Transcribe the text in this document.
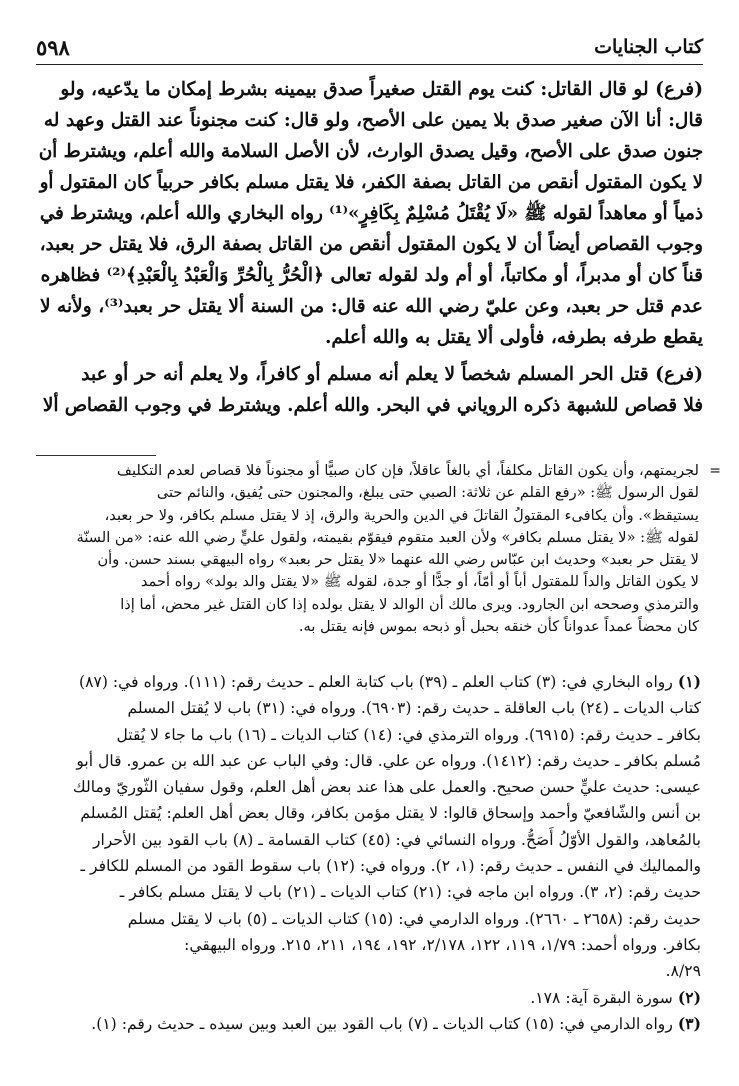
٥٩٨	كتاب الجنايات

(فرع) لو قال القاتل: كنت يوم القتل صغيراً صدق بيمينه بشرط إمكان ما يدّعيه، ولو
قال: أنا الآن صغير صدق بلا يمين على الأصح، ولو قال: كنت مجنوناً عند القتل وعهد له
جنون صدق على الأصح، وقيل يصدق الوارث، لأن الأصل السلامة والله أعلم، ويشترط أن
لا يكون المقتول أنقص من القاتل بصفة الكفر، فلا يقتل مسلم بكافر حربياً كان المقتول أو
ذمياً أو معاهداً لقوله ﷺ «لَا يُقْتَلُ مُسْلِمٌ بِكَافِرٍ»⁽¹⁾ رواه البخاري والله أعلم، ويشترط في
وجوب القصاص أيضاً أن لا يكون المقتول أنقص من القاتل بصفة الرق، فلا يقتل حر بعبد،
قناً كان أو مدبراً، أو مكاتباً، أو أم ولد لقوله تعالى ﴿الْحُرُّ بِالْحُرِّ وَالْعَبْدُ بِالْعَبْدِ﴾⁽²⁾ فظاهره
عدم قتل حر بعبد، وعن عليّ رضي الله عنه قال: من السنة ألا يقتل حر بعبد⁽³⁾، ولأنه لا
يقطع طرفه بطرفه، فأولى ألا يقتل به والله أعلم.

(فرع) قتل الحر المسلم شخصاً لا يعلم أنه مسلم أو كافراً، ولا يعلم أنه حر أو عبد
فلا قصاص للشبهة ذكره الروياني في البحر. والله أعلم. ويشترط في وجوب القصاص ألا

=
لجريمتهم، وأن يكون القاتل مكلفاً، أي بالغاً عاقلاً، فإن كان صبيًّا أو مجنوناً فلا قصاص لعدم التكليف
لقول الرسول ﷺ: «رفع القلم عن ثلاثة: الصبي حتى يبلغ، والمجنون حتى يُفيق، والنائم حتى
يستيقظ». وأن يكافىء المقتولُ القاتلَ في الدين والحرية والرق، إذ لا يقتل مسلم بكافر، ولا حر بعبد،
لقوله ﷺ: «لا يقتل مسلم بكافر» ولأن العبد متقوم فيقوّم بقيمته، ولقول عليٍّ رضي الله عنه: «من السنّة
لا يقتل حر بعبد» وحديث ابن عبّاس رضي الله عنهما «لا يقتل حر بعبد» رواه البيهقي بسند حسن. وأن
لا يكون القاتل والداً للمقتول أباً أو أمّاً، أو جدًّا أو جدة، لقوله ﷺ «لا يقتل والد بولد» رواه أحمد
والترمذي وصححه ابن الجارود. ويرى مالك أن الوالد لا يقتل بولده إذا كان القتل غير محض، أما إذا
كان محضاً عمداً عدواناً كأن خنقه بحبل أو ذبحه بموس فإنه يقتل به.
(١) رواه البخاري في: (٣) كتاب العلم ـ (٣٩) باب كتابة العلم ـ حديث رقم: (١١١). ورواه في: (٨٧)
كتاب الديات ـ (٢٤) باب العاقلة ـ حديث رقم: (٦٩٠٣). ورواه في: (٣١) باب لا يُقتل المسلم
بكافر ـ حديث رقم: (٦٩١٥). ورواه الترمذي في: (١٤) كتاب الديات ـ (١٦) باب ما جاء لا يُقتل
مُسلم بكافر ـ حديث رقم: (١٤١٢). ورواه عن علي. قال: وفي الباب عن عبد الله بن عمرو. قال أبو
عيسى: حديث عليٍّ حسن صحيح. والعمل على هذا عند بعض أهل العلم، وقول سفيان الثّوريّ ومالك
بن أنس والشّافعيّ وأحمد وإسحاق قالوا: لا يقتل مؤمن بكافر، وقال بعض أهل العلم: يُقتل المُسلم
بالمُعاهد، والقول الأوّلُ أَصَحُّ. ورواه النسائي في: (٤٥) كتاب القسامة ـ (٨) باب القود بين الأحرار
والمماليك في النفس ـ حديث رقم: (١، ٢). ورواه في: (١٢) باب سقوط القود من المسلم للكافر ـ
حديث رقم: (٢، ٣). ورواه ابن ماجه في: (٢١) كتاب الديات ـ (٢١) باب لا يقتل مسلم بكافر ـ
حديث رقم: (٢٦٥٨ ـ ٢٦٦٠). ورواه الدارمي في: (١٥) كتاب الديات ـ (٥) باب لا يقتل مسلم
بكافر. ورواه أحمد: ١/٧٩، ١١٩، ١٢٢، ٢/١٧٨، ١٩٢، ١٩٤، ٢١١، ٢١٥. ورواه البيهقي:
٨/٢٩.
(٢) سورة البقرة آية: ١٧٨.
(٣) رواه الدارمي في: (١٥) كتاب الديات ـ (٧) باب القود بين العبد وبين سيده ـ حديث رقم: (١).
